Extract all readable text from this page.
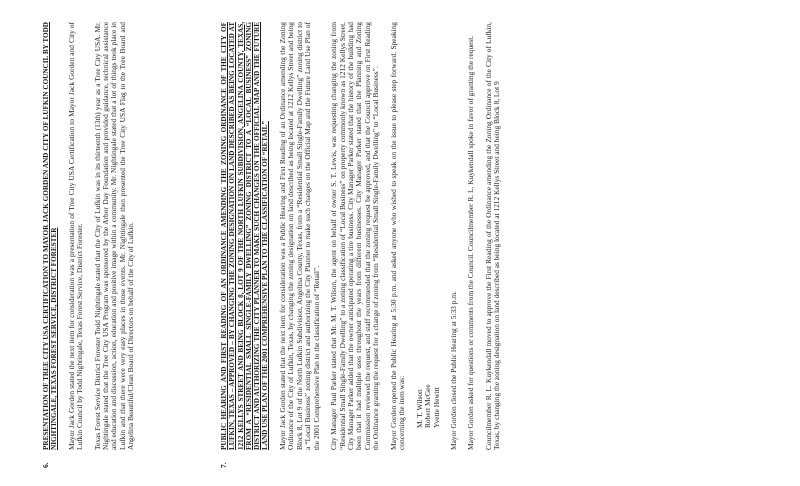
6.
PRESENTATION OF TREE CITY USA CERTIFICATION TO MAYOR JACK GORDEN AND CITY OF LUFKIN COUNCIL BY TODD NIGHTINGALE, TEXAS FOREST SERVICE, DISTRICT FORESTER Mayor Jack Gorden stated the next item for consideration was a presentation of Tree City USA Certification to Mayor Jack Gorden and City of Lufkin Council by Todd Nightingale, Texas Forest Service, District Forester. Texas Forest Service District Forester Todd Nightingale stated that the City of Lufkin was in its thirteenth (13th) year as a Tree City USA. Mr. Nightingale stated that the Tree City USA Program was sponsored by the Arbor Day Foundation and provided guidance, technical assistance and education and discussion, action, education and positive image within a community. Mr. Nightingale stated that a lot of things took place in Lufkin and that there were very easy places in those events. Mr. Nightingale then presented the Tree City USA Flag to the Tree Board and Angelina Beautiful/Clean Board of Directors on behalf of the City of Lufkin.

7.
PUBLIC HEARING AND FIRST READING OF AN ORDINANCE AMENDING THE ZONING ORDINANCE OF THE CITY OF LUFKIN, TEXAS – APPROVED – BY CHANGING THE ZONING DESIGNATION ON LAND DESCRIBED AS BEING LOCATED AT 1212 KELLYS STREET AND BEING BLOCK 8, LOT 9 OF THE NORTH LUFKIN SUBDIVISION, ANGELINA COUNTY, TEXAS, FROM A “RESIDENTIAL SMALL SINGLE-FAMILY DWELLING” ZONING DISTRICT TO A “LOCAL BUSINESS” ZONING DISTRICT AND AUTHORIZING THE CITY PLANNER TO MAKE SUCH CHANGES ON THE OFFICIAL MAP AND THE FUTURE LAND USE PLAN OF THE 2001 COMPREHENSIVE PLAN TO THE CLASSIFICATION OF “RETAIL” Mayor Jack Gorden stated that the next item for consideration was a Public Hearing and First Reading of an Ordinance amending the Zoning Ordinance of the City of Lufkin, Texas, by changing the zoning designation on land described as being located at 1212 Kellys Street and being Block 8, Lot 9 of the North Lufkin Subdivision, Angelina County, Texas, from a “Residential Small Single-Family Dwelling” zoning district to a “Local Business” zoning district and authorizing the City Planner to make such changes on the Official Map and the Future Land Use Plan of the 2001 Comprehensive Plan to the classification of “Retail”. City Manager Paul Parker stated that Mr. M. T. Wilson, the agent on behalf of owner S. T. Lewis, was requesting changing the zoning from “Residential Small Single-Family Dwelling” to a zoning classification of “Local Business” on property commonly known as 1212 Kellys Street. City Manager Parker added that the owner anticipated operating a tire business. City Manager Parker stated that the history of the building had been that it had multiple uses throughout the years from different businesses. City Manager Parker stated that the Planning and Zoning Commission reviewed the request, and staff recommended that the zoning request be approved, and that the Council approve on First Reading the Ordinance granting the request for a change of zoning from “Residential Small Single-Family Dwelling” to “Local Business”. Mayor Gorden opened the Public Hearing at 5:30 p.m. and asked anyone who wished to speak on the issue to please step forward. Speaking concerning the item was: M. T. Wilson Robert McGee Yvette Hewitt Mayor Gorden closed the Public Hearing at 5:33 p.m. Mayor Gorden asked for questions or comments from the Council. Councilmember R. L. Kuykendall spoke in favor of granting the request. Councilmember R. L. Kuykendall moved to approve the First Reading of the Ordinance amending the Zoning Ordinance of the City of Lufkin, Texas, by changing the zoning designation on land described as being located at 1212 Kellys Street and being Block 8, Lot 9
